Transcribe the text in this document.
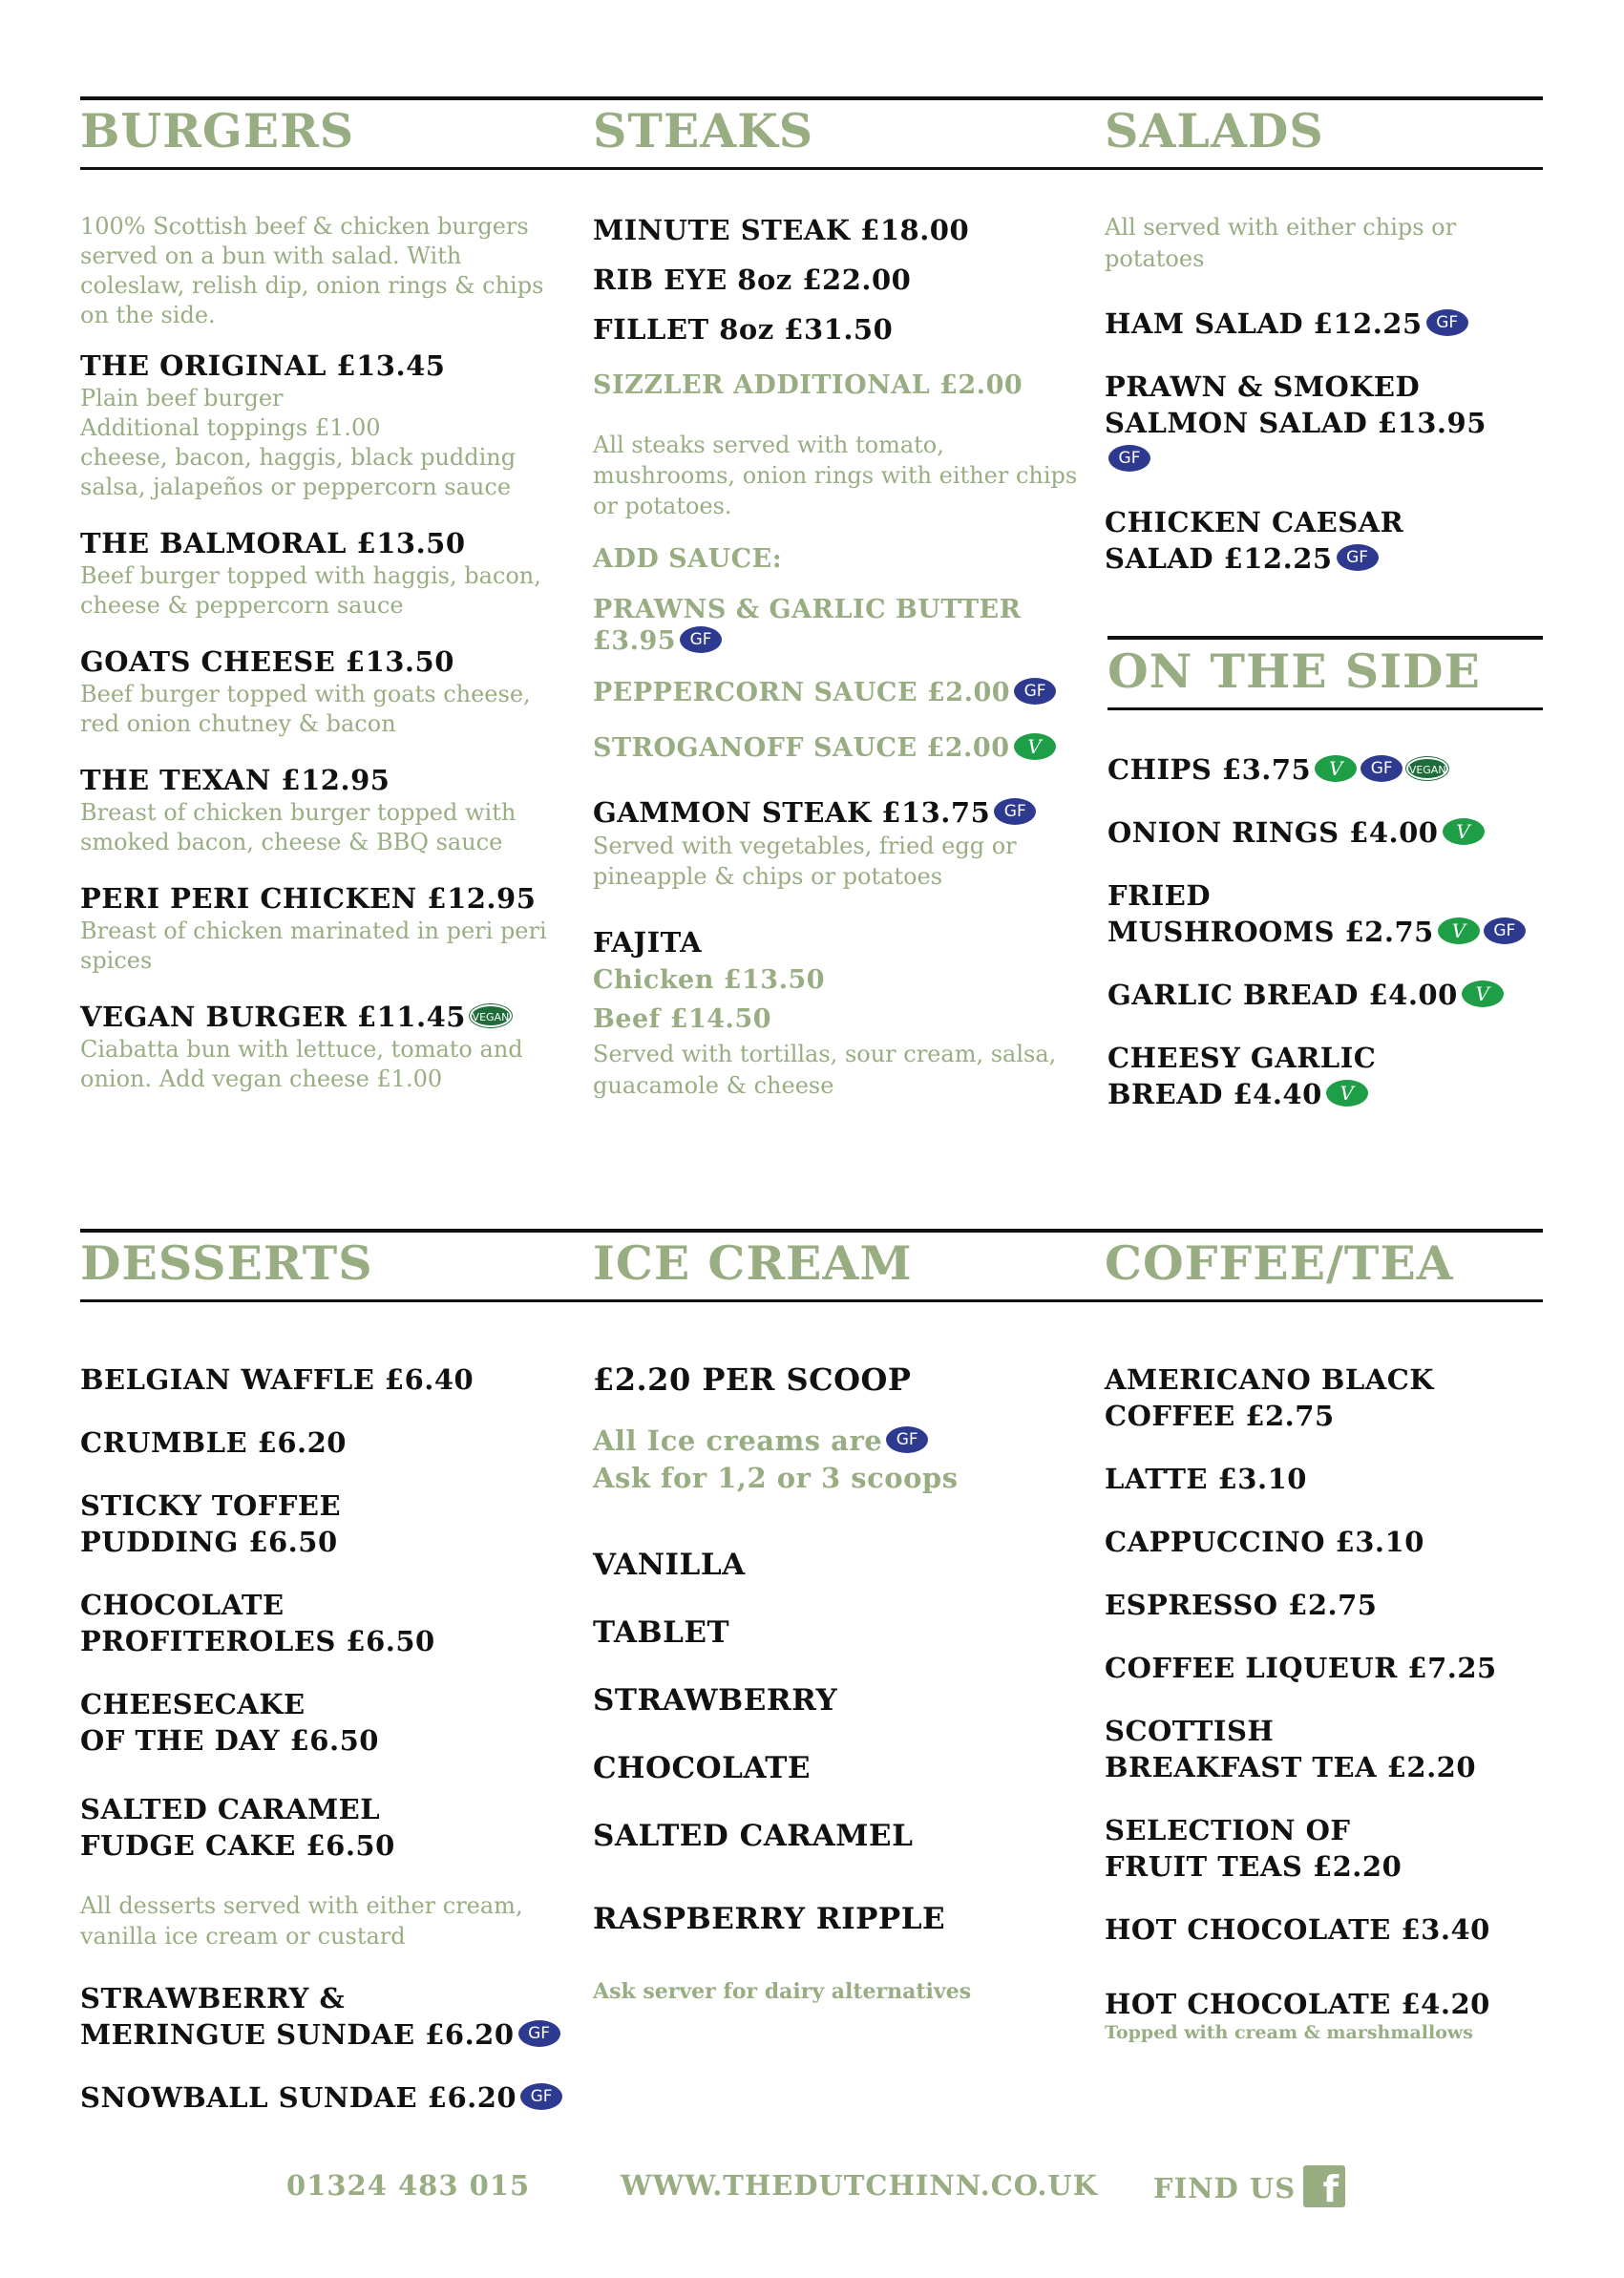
BURGERS
100% Scottish beef & chicken burgers served on a bun with salad. With coleslaw, relish dip, onion rings & chips on the side.
THE ORIGINAL £13.45
Plain beef burger
Additional toppings £1.00
cheese, bacon, haggis, black pudding salsa, jalapeños or peppercorn sauce
THE BALMORAL £13.50
Beef burger topped with haggis, bacon, cheese & peppercorn sauce
GOATS CHEESE £13.50
Beef burger topped with goats cheese, red onion chutney & bacon
THE TEXAN £12.95
Breast of chicken burger topped with smoked bacon, cheese & BBQ sauce
PERI PERI CHICKEN £12.95
Breast of chicken marinated in peri peri spices
VEGAN BURGER £11.45 VEGAN
Ciabatta bun with lettuce, tomato and onion. Add vegan cheese £1.00
STEAKS
MINUTE STEAK £18.00
RIB EYE 8oz £22.00
FILLET 8oz £31.50
SIZZLER ADDITIONAL £2.00
All steaks served with tomato, mushrooms, onion rings with either chips or potatoes.
ADD SAUCE:
PRAWNS & GARLIC BUTTER £3.95 GF
PEPPERCORN SAUCE £2.00 GF
STROGANOFF SAUCE £2.00 V
GAMMON STEAK £13.75 GF
Served with vegetables, fried egg or pineapple & chips or potatoes
FAJITA
Chicken £13.50
Beef £14.50
Served with tortillas, sour cream, salsa, guacamole & cheese
SALADS
All served with either chips or potatoes
HAM SALAD £12.25 GF
PRAWN & SMOKED
SALMON SALAD £13.95GF
CHICKEN CAESAR
SALAD £12.25 GF
ON THE SIDE
CHIPS £3.75 V GF VEGAN
ONION RINGS £4.00 V
FRIED
MUSHROOMS £2.75 V GF
GARLIC BREAD £4.00 V
CHEESY GARLIC
BREAD £4.40 V
DESSERTS
BELGIAN WAFFLE £6.40
CRUMBLE £6.20
STICKY TOFFEE
PUDDING £6.50
CHOCOLATE
PROFITEROLES £6.50
CHEESECAKE
OF THE DAY £6.50
SALTED CARAMEL
FUDGE CAKE £6.50
All desserts served with either cream, vanilla ice cream or custard
STRAWBERRY &
MERINGUE SUNDAE £6.20 GF
SNOWBALL SUNDAE £6.20 GF
ICE CREAM
£2.20 PER SCOOP
All Ice creams are GF
Ask for 1,2 or 3 scoops
VANILLA
TABLET
STRAWBERRY
CHOCOLATE
SALTED CARAMEL
RASPBERRY RIPPLE
Ask server for dairy alternatives
COFFEE/TEA
AMERICANO BLACK
COFFEE £2.75
LATTE £3.10
CAPPUCCINO £3.10
ESPRESSO £2.75
COFFEE LIQUEUR £7.25
SCOTTISH
BREAKFAST TEA £2.20
SELECTION OF
FRUIT TEAS £2.20
HOT CHOCOLATE £3.40
HOT CHOCOLATE £4.20
Topped with cream & marshmallows
01324 483 015	WWW.THEDUTCHINN.CO.UK FIND US f
